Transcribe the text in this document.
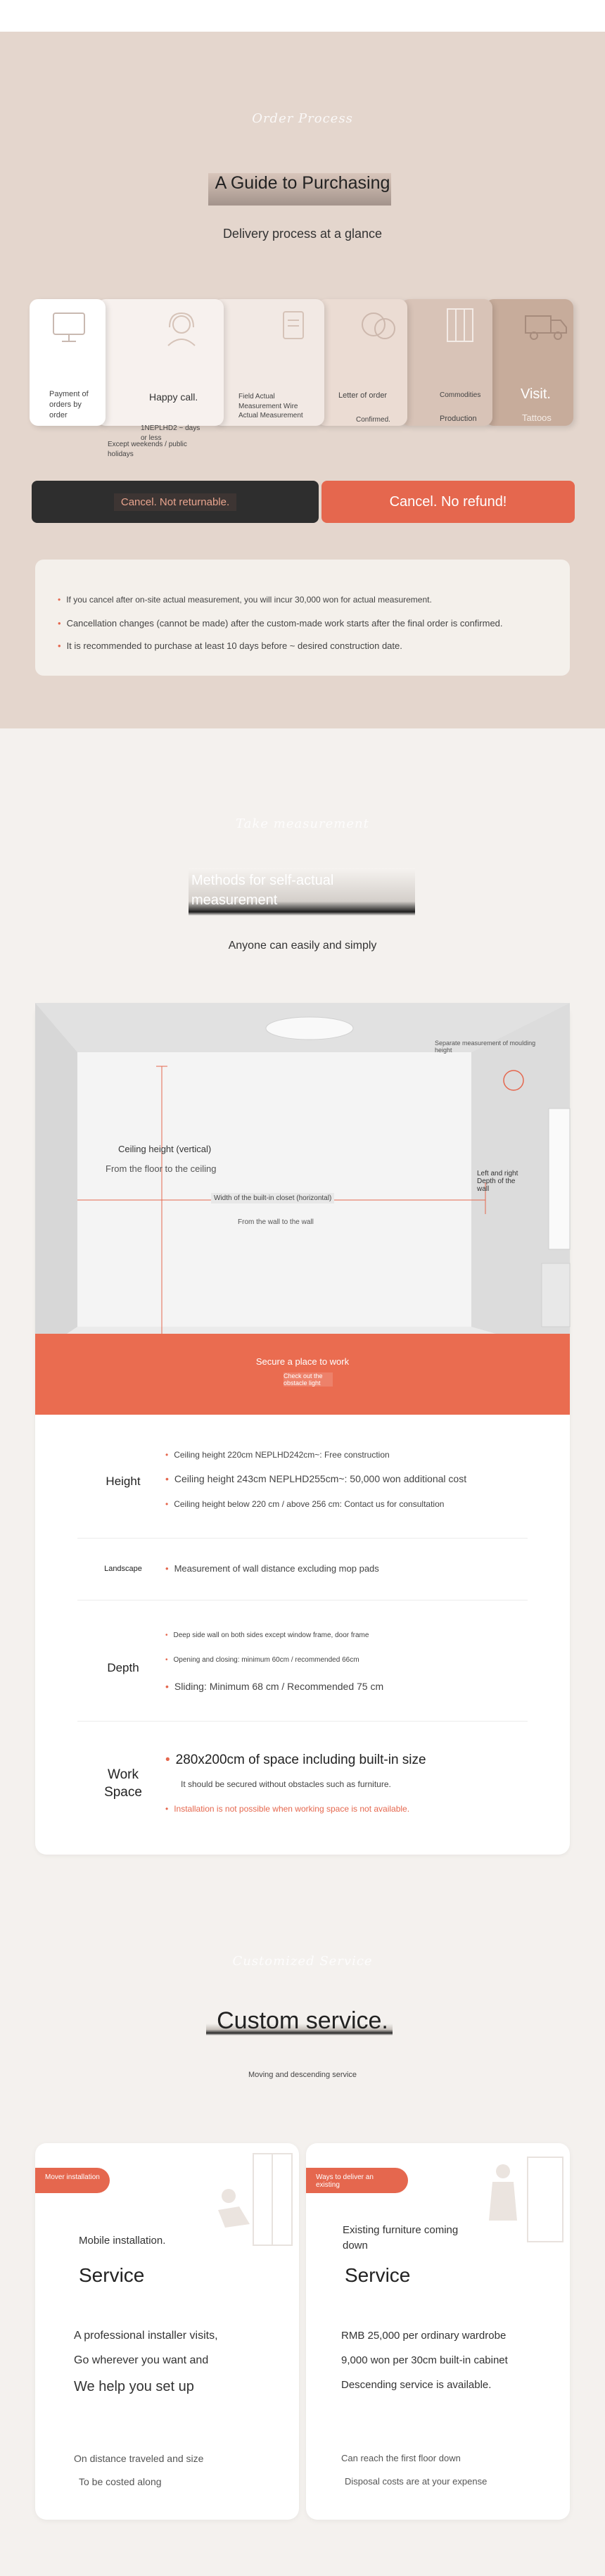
Order Process
A Guide to Purchasing
Delivery process at a glance
Payment of orders by order
Happy call.
1NEPLHD2 ~ days or less
Except weekends / public holidays
Field Actual Measurement Wire Actual Measurement
Letter of order
Confirmed.
Commodities
Production
Visit.
Tattoos
Cancel. Not returnable.	Cancel. No refund!
• If you cancel after on-site actual measurement, you will incur 30,000 won for actual measurement.
• Cancellation changes (cannot be made) after the custom-made work starts after the final order is confirmed.
• It is recommended to purchase at least 10 days before ~ desired construction date.
Take measurement
Methods for self-actual
measurement
Anyone can easily and simply
Ceiling height (vertical)
From the floor to the ceiling
Separate measurement of moulding height
Width of the built-in closet (horizontal)
From the wall to the wall
Left and right Depth of the wall
Secure a place to work
Check out the obstacle light
Height
• Ceiling height 220cm NEPLHD242cm~: Free construction
• Ceiling height 243cm NEPLHD255cm~: 50,000 won additional cost
• Ceiling height below 220 cm / above 256 cm: Contact us for consultation
Landscape	• Measurement of wall distance excluding mop pads
Depth
• Deep side wall on both sides except window frame, door frame
• Opening and closing: minimum 60cm / recommended 66cm
• Sliding: Minimum 68 cm / Recommended 75 cm
Work Space
• 280x200cm of space including built-in size
It should be secured without obstacles such as furniture.
• Installation is not possible when working space is not available.
Customized Service
Custom service.
Moving and descending service
Mover installation
Mobile installation.
Service
A professional installer visits,
Go wherever you want and
We help you set up
On distance traveled and size
To be costed along
Ways to deliver an existing
Existing furniture coming
down
Service
RMB 25,000 per ordinary wardrobe
9,000 won per 30cm built-in cabinet
Descending service is available.
Can reach the first floor down
Disposal costs are at your expense
